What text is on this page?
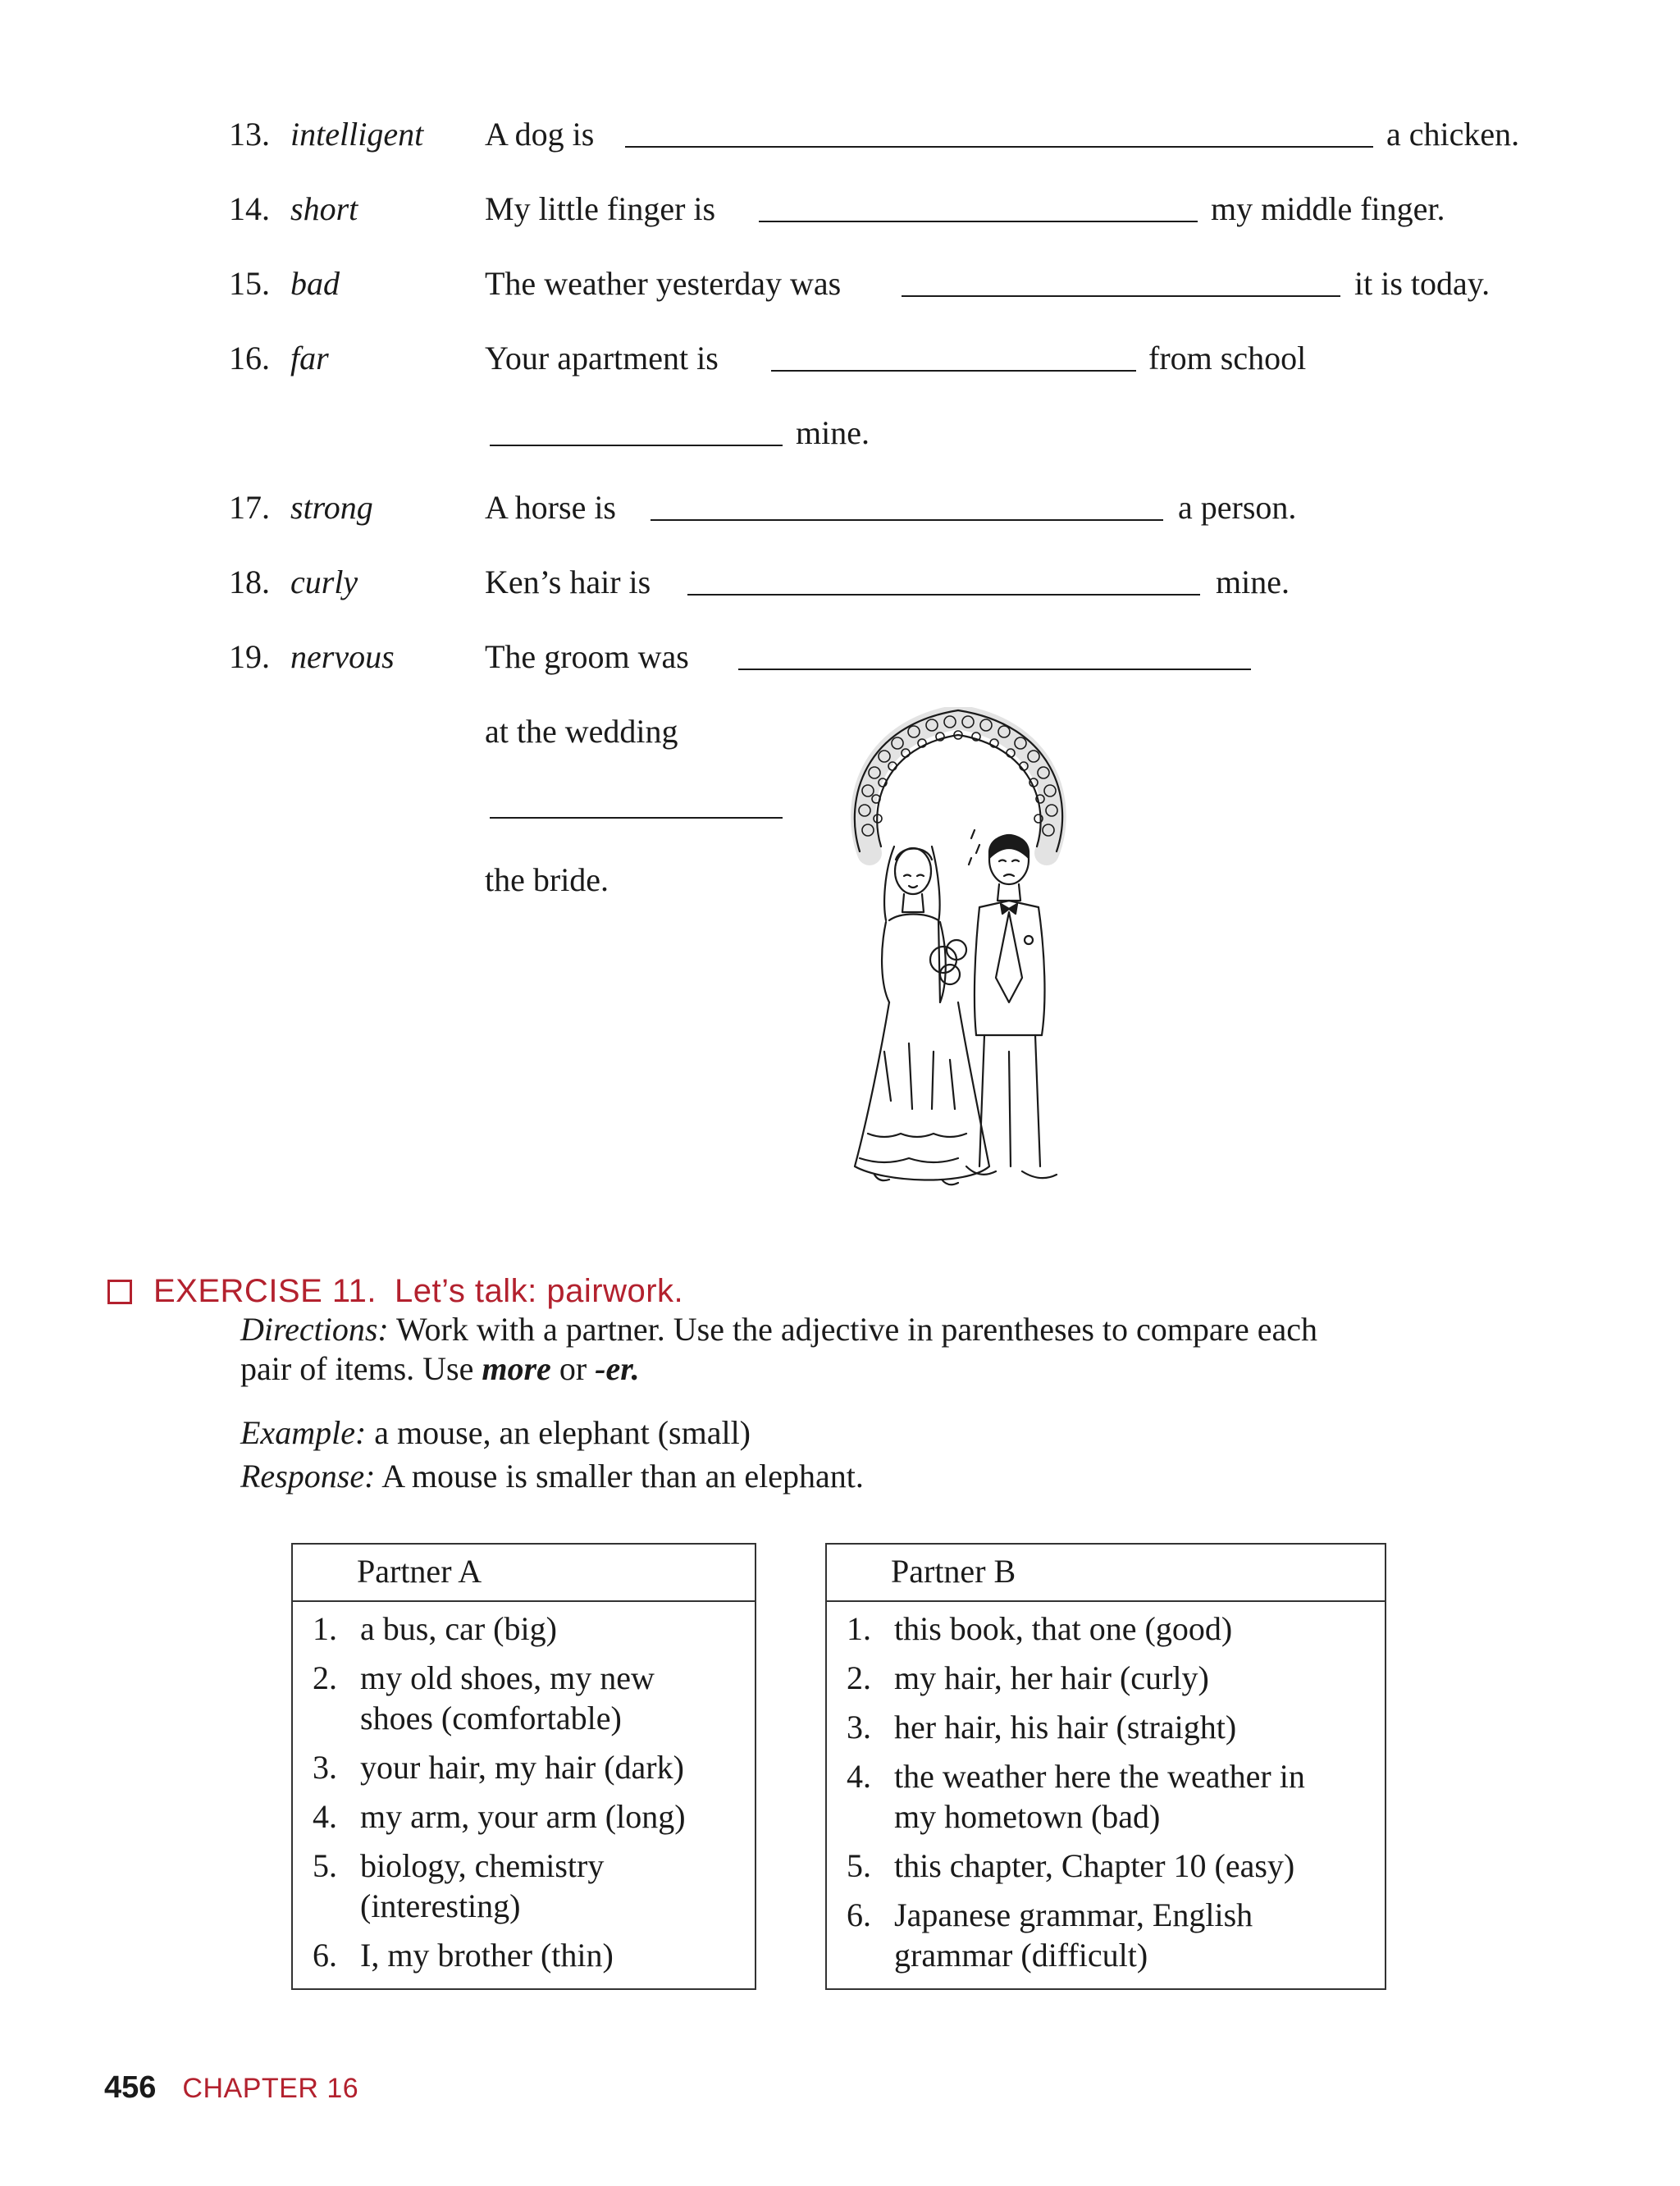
13. intelligent A dog is	a chicken.
14. short	My little finger is	my middle finger.
15. bad	The weather yesterday was	it is today.
16. far	Your apartment is	from school
mine.
17. strong	A horse is	a person.
18. curly	Ken’s hair is	mine.
19. nervous	The groom was
at the wedding
the bride.
EXERCISE 11. Let’s talk: pairwork.
Directions: Work with a partner. Use the adjective in parentheses to compare each
pair of items. Use more or -er.
Example: a mouse, an elephant (small)
Response: A mouse is smaller than an elephant.
Partner A
1. a bus, car (big)
2. my old shoes, my new
shoes (comfortable)
3. your hair, my hair (dark)
4. my arm, your arm (long)
5. biology, chemistry
(interesting)
6. I, my brother (thin)
Partner B
1. this book, that one (good)
2. my hair, her hair (curly)
3. her hair, his hair (straight)
4. the weather here the weather in
my hometown (bad)
5. this chapter, Chapter 10 (easy)
6. Japanese grammar, English
grammar (difficult)
456 CHAPTER 16
